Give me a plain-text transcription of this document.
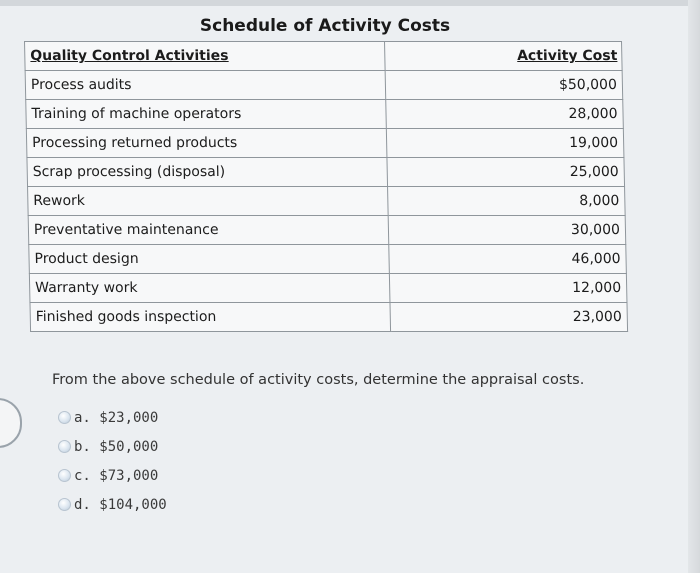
Schedule of Activity Costs
Quality Control Activities	Activity Cost
Process audits	$50,000
Training of machine operators	28,000
Processing returned products	19,000
Scrap processing (disposal)	25,000
Rework	8,000
Preventative maintenance	30,000
Product design	46,000
Warranty work	12,000
Finished goods inspection	23,000
From the above schedule of activity costs, determine the appraisal costs.
a. $23,000
b. $50,000
c. $73,000
d. $104,000
